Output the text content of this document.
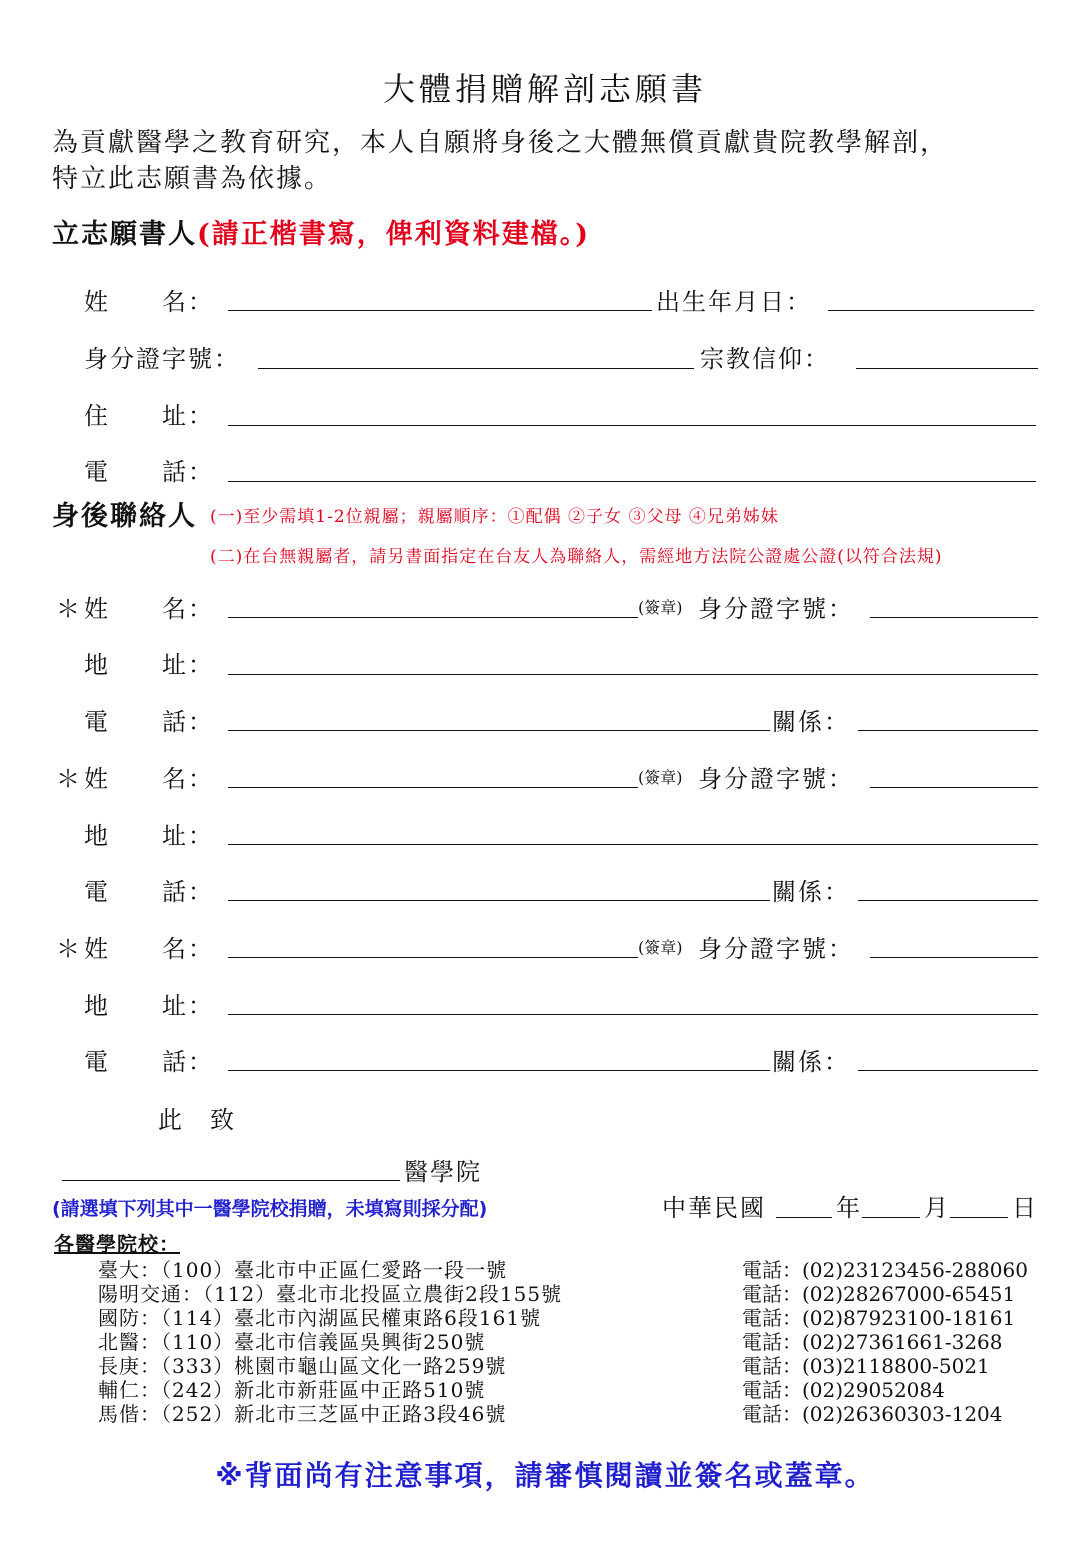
大體捐贈解剖志願書
為貢獻醫學之教育研究，本人自願將身後之大體無償貢獻貴院教學解剖，
特立此志願書為依據。
立志願書人(請正楷書寫，俾利資料建檔。)
姓　　名：	出生年月日：
身分證字號：	宗教信仰：
住　　址：
電　　話：
身後聯絡人 (一)至少需填1-2位親屬；親屬順序：①配偶 ②子女 ③父母 ④兄弟姊妹
(二)在台無親屬者，請另書面指定在台友人為聯絡人，需經地方法院公證處公證(以符合法規)
＊ 姓　　名：	(簽章) 身分證字號：
地　　址：
電　　話：	關係：
＊ 姓　　名：	(簽章) 身分證字號：
地　　址：
電　　話：	關係：
＊ 姓　　名：	(簽章) 身分證字號：
地　　址：
電　　話：	關係：
此　致
醫學院
(請選填下列其中一醫學院校捐贈，未填寫則採分配)	中華民國	年	月	日
各醫學院校：
臺大：（100）臺北市中正區仁愛路一段一號	電話：(02)23123456-288060
陽明交通：（112）臺北市北投區立農街2段155號	電話：(02)28267000-65451
國防：（114）臺北市內湖區民權東路6段161號	電話：(02)87923100-18161
北醫：（110）臺北市信義區吳興街250號	電話：(02)27361661-3268
長庚：（333）桃園市龜山區文化一路259號	電話：(03)2118800-5021
輔仁：（242）新北市新莊區中正路510號	電話：(02)29052084
馬偕：（252）新北市三芝區中正路3段46號	電話：(02)26360303-1204
※背面尚有注意事項，請審慎閱讀並簽名或蓋章。
